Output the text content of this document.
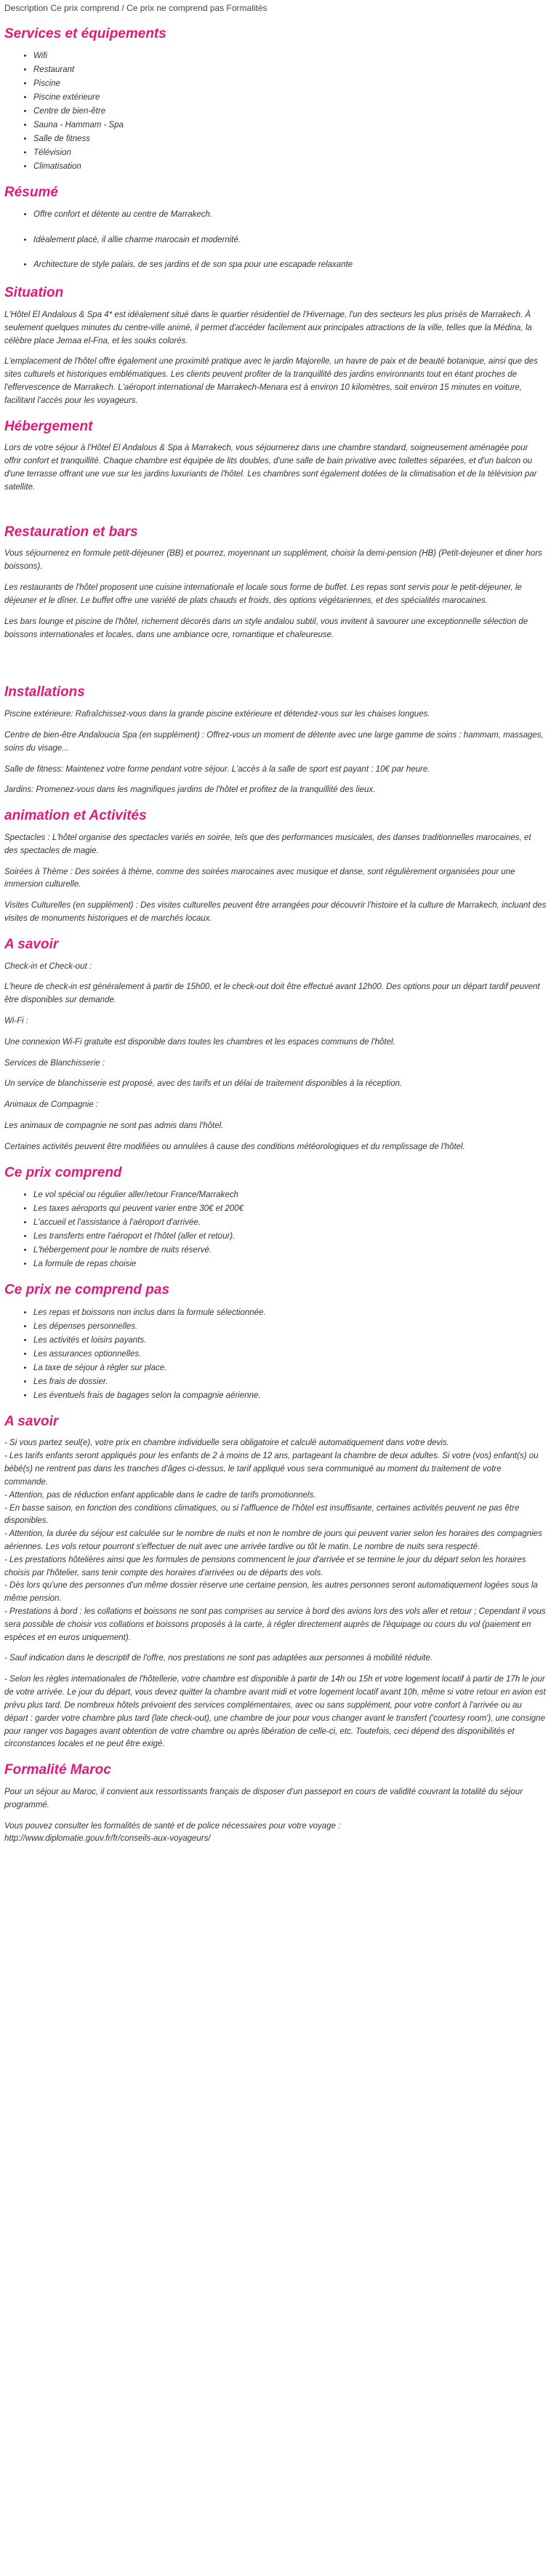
Description Ce prix comprend / Ce prix ne comprend pas Formalités
Services et équipements
• Wifi
• Restaurant
• Piscine
• Piscine extérieure
• Centre de bien-être
• Sauna - Hammam - Spa
• Salle de fitness
• Télévision
• Climatisation
Résumé
• Offre confort et détente au centre de Marrakech.
• Idéalement placé, il allie charme marocain et modernité.
• Architecture de style palais, de ses jardins et de son spa pour une escapade relaxante
Situation

L'Hôtel El Andalous & Spa 4* est idéalement situé dans le quartier résidentiel de l'Hivernage, l'un des secteurs les plus prisés de Marrakech. À seulement quelques minutes du centre-ville animé, il permet d'accéder facilement aux principales attractions de la ville, telles que la Médina, la célèbre place Jemaa el-Fna, et les souks colorés.

L'emplacement de l'hôtel offre également une proximité pratique avec le jardin Majorelle, un havre de paix et de beauté botanique, ainsi que des sites culturels et historiques emblématiques. Les clients peuvent profiter de la tranquillité des jardins environnants tout en étant proches de l'effervescence de Marrakech. L'aéroport international de Marrakech-Menara est à environ 10 kilomètres, soit environ 15 minutes en voiture, facilitant l'accès pour les voyageurs.

Hébergement

Lors de votre séjour à l'Hôtel El Andalous & Spa à Marrakech, vous séjournerez dans une chambre standard, soigneusement aménagée pour offrir confort et tranquillité. Chaque chambre est équipée de lits doubles, d'une salle de bain privative avec toilettes séparées, et d'un balcon ou d'une terrasse offrant une vue sur les jardins luxuriants de l'hôtel. Les chambres sont également dotées de la climatisation et de la télévision par satellite.

Restauration et bars

Vous séjournerez en formule petit-déjeuner (BB) et pourrez, moyennant un supplément, choisir la demi-pension (HB) (Petit-dejeuner et diner hors boissons).

Les restaurants de l'hôtel proposent une cuisine internationale et locale sous forme de buffet. Les repas sont servis pour le petit-déjeuner, le déjeuner et le dîner. Le buffet offre une variété de plats chauds et froids, des options végétariennes, et des spécialités marocaines.

Les bars lounge et piscine de l'hôtel, richement décorés dans un style andalou subtil, vous invitent à savourer une exceptionnelle sélection de boissons internationales et locales, dans une ambiance ocre, romantique et chaleureuse.

Installations

Piscine extérieure: Rafraîchissez-vous dans la grande piscine extérieure et détendez-vous sur les chaises longues.

Centre de bien-être Andaloucia Spa (en supplément) : Offrez-vous un moment de détente avec une large gamme de soins : hammam, massages, soins du visage...

Salle de fitness: Maintenez votre forme pendant votre séjour. L'accès à la salle de sport est payant : 10€ par heure.

Jardins: Promenez-vous dans les magnifiques jardins de l'hôtel et profitez de la tranquillité des lieux.

animation et Activités

Spectacles : L'hôtel organise des spectacles variés en soirée, tels que des performances musicales, des danses traditionnelles marocaines, et des spectacles de magie.

Soirées à Thème : Des soirées à thème, comme des soirées marocaines avec musique et danse, sont régulièrement organisées pour une immersion culturelle.

Visites Culturelles (en supplément) : Des visites culturelles peuvent être arrangées pour découvrir l'histoire et la culture de Marrakech, incluant des visites de monuments historiques et de marchés locaux.

A savoir

Check-in et Check-out :

L'heure de check-in est généralement à partir de 15h00, et le check-out doit être effectué avant 12h00. Des options pour un départ tardif peuvent être disponibles sur demande.

Wi-Fi :

Une connexion Wi-Fi gratuite est disponible dans toutes les chambres et les espaces communs de l'hôtel.

Services de Blanchisserie :

Un service de blanchisserie est proposé, avec des tarifs et un délai de traitement disponibles à la réception.

Animaux de Compagnie :

Les animaux de compagnie ne sont pas admis dans l'hôtel.

Certaines activités peuvent être modifiées ou annulées à cause des conditions météorologiques et du remplissage de l'hôtel.

Ce prix comprend
• Le vol spécial ou régulier aller/retour France/Marrakech
• Les taxes aéroports qui peuvent varier entre 30€ et 200€
• L'accueil et l'assistance à l'aéroport d'arrivée.
• Les transferts entre l'aéroport et l'hôtel (aller et retour).
• L'hébergement pour le nombre de nuits réservé.
• La formule de repas choisie
Ce prix ne comprend pas
• Les repas et boissons non inclus dans la formule sélectionnée.
• Les dépenses personnelles.
• Les activités et loisirs payants.
• Les assurances optionnelles.
• La taxe de séjour à régler sur place.
• Les frais de dossier.
• Les éventuels frais de bagages selon la compagnie aérienne.
A savoir

- Si vous partez seul(e), votre prix en chambre individuelle sera obligatoire et calculé automatiquement dans votre devis.

- Les tarifs enfants seront appliqués pour les enfants de 2 à moins de 12 ans, partageant la chambre de deux adultes. Si votre (vos) enfant(s) ou bébé(s) ne rentrent pas dans les tranches d'âges ci-dessus, le tarif appliqué vous sera communiqué au moment du traitement de votre commande.

- Attention, pas de réduction enfant applicable dans le cadre de tarifs promotionnels.

- En basse saison, en fonction des conditions climatiques, ou si l'affluence de l'hôtel est insuffisante, certaines activités peuvent ne pas être disponibles.

- Attention, la durée du séjour est calculée sur le nombre de nuits et non le nombre de jours qui peuvent varier selon les horaires des compagnies aériennes. Les vols retour pourront s'effectuer de nuit avec une arrivée tardive ou tôt le matin. Le nombre de nuits sera respecté.

- Les prestations hôtelières ainsi que les formules de pensions commencent le jour d'arrivée et se termine le jour du départ selon les horaires choisis par l'hôtelier, sans tenir compte des horaires d'arrivées ou de départs des vols.

- Dès lors qu'une des personnes d'un même dossier réserve une certaine pension, les autres personnes seront automatiquement logées sous la même pension.

- Prestations à bord : les collations et boissons ne sont pas comprises au service à bord des avions lors des vols aller et retour ; Cependant il vous sera possible de choisir vos collations et boissons proposés à la carte, à régler directement auprès de l'équipage ou cours du vol (paiement en espèces et en euros uniquement).

- Sauf indication dans le descriptif de l'offre, nos prestations ne sont pas adaptées aux personnes à mobilité réduite.

- Selon les règles internationales de l'hôtellerie, votre chambre est disponible à partir de 14h ou 15h et votre logement locatif à partir de 17h le jour de votre arrivée. Le jour du départ, vous devez quitter la chambre avant midi et votre logement locatif avant 10h, même si votre retour en avion est prévu plus tard. De nombreux hôtels prévoient des services complémentaires, avec ou sans supplément, pour votre confort à l'arrivée ou au départ : garder votre chambre plus tard (late check-out), une chambre de jour pour vous changer avant le transfert ('courtesy room'), une consigne pour ranger vos bagages avant obtention de votre chambre ou après libération de celle-ci, etc. Toutefois, ceci dépend des disponibilités et circonstances locales et ne peut être exigé.

Formalité Maroc

Pour un séjour au Maroc, il convient aux ressortissants français de disposer d'un passeport en cours de validité couvrant la totalité du séjour programmé.

Vous pouvez consulter les formalités de santé et de police nécessaires pour votre voyage :

http://www.diplomatie.gouv.fr/fr/conseils-aux-voyageurs/
